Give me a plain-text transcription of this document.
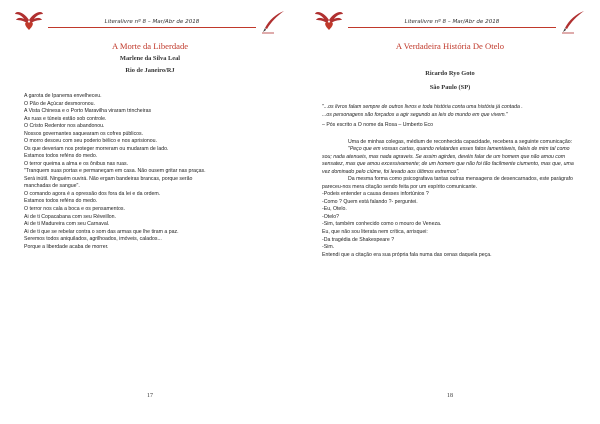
Literalivre nº 8 – Mar/Abr de 2018
A Morte da Liberdade
Marlene da Silva Leal
Rio de Janeiro/RJ

A garota de Ipanema envelheceu.

O Pão de Açúcar desmoronou.

A Vista Chinesa e o Porto Maravilha viraram trincheiras

As ruas e túneis estão sob controle.

O Cristo Redentor nos abandonou.

Nossos governantes saquearam os cofres públicos.

O morro desceu com seu poderio bélico e nos aprisionou.

Os que deveriam nos proteger morreram ou mudaram de lado.

Estamos todos reféns do medo.

O terror queima a alma e os ônibus nas ruas.

"Tranquem suas portas e permaneçam em casa. Não ousem gritar nas praças.

Será inútil. Ninguém ouvirá. Não ergam bandeiras brancas, porque serão

manchadas de sangue".

O comando agora é a opressão dos fora da lei e da ordem.

Estamos todos reféns do medo.

O terror nos cala a boca e os pensamentos.

Ai de ti Copacabana com seu Réveillon.

Ai de ti Madureira com seu Carnaval.

Ai de ti que se rebelar contra o som das armas que lhe tiram a paz.

Seremos todos aniquilados, agrilhoados, imóveis, calados...

Porque a liberdade acaba de morrer.

17
Literalivre nº 8 – Mar/Abr de 2018
A Verdadeira História De Otelo
Ricardo Ryo Goto
São Paulo (SP)

"...os livros falam sempre de outros livros e toda história conta uma história já contada .

...os personagens são forçados a agir segundo as leis do mundo em que vivem."

– Pós escrito a O nome da Rosa – Umberto Eco

Uma de minhas colegas, médium de reconhecida capacidade, recebera a seguinte comunicação:

"Peço que em vossas cartas, quando relatardes esses fatos lamentáveis, faleis de mim tal como sou; nada atenueis, mas nada agraveis. Se assim agirdes, devéis falar de um homem que não amou com sensatez, mas que amou excessivamente; de um homem que não foi tão facilmente ciumento, mas que, uma vez dominado pelo ciúme, foi levado aos últimos extremos".

Da mesma forma como psicografava tantas outras mensagens de desencarnados, este parágrafo pareceu-nos mera citação sendo feita por um espírito comunicante.

-Podeis entender a causa desses infortúnios ?

-Como ? Quem está falando ?- perguntei.

-Eu, Otelo.

-Otelo?

-Sim, também conhecido como o mouro de Veneza.

Eu, que não sou literata nem crítica, arrisquei:

-Da tragédia de Shakespeare ?

-Sim.

Entendi que a citação era sua própria fala numa das cenas daquela peça.

18
